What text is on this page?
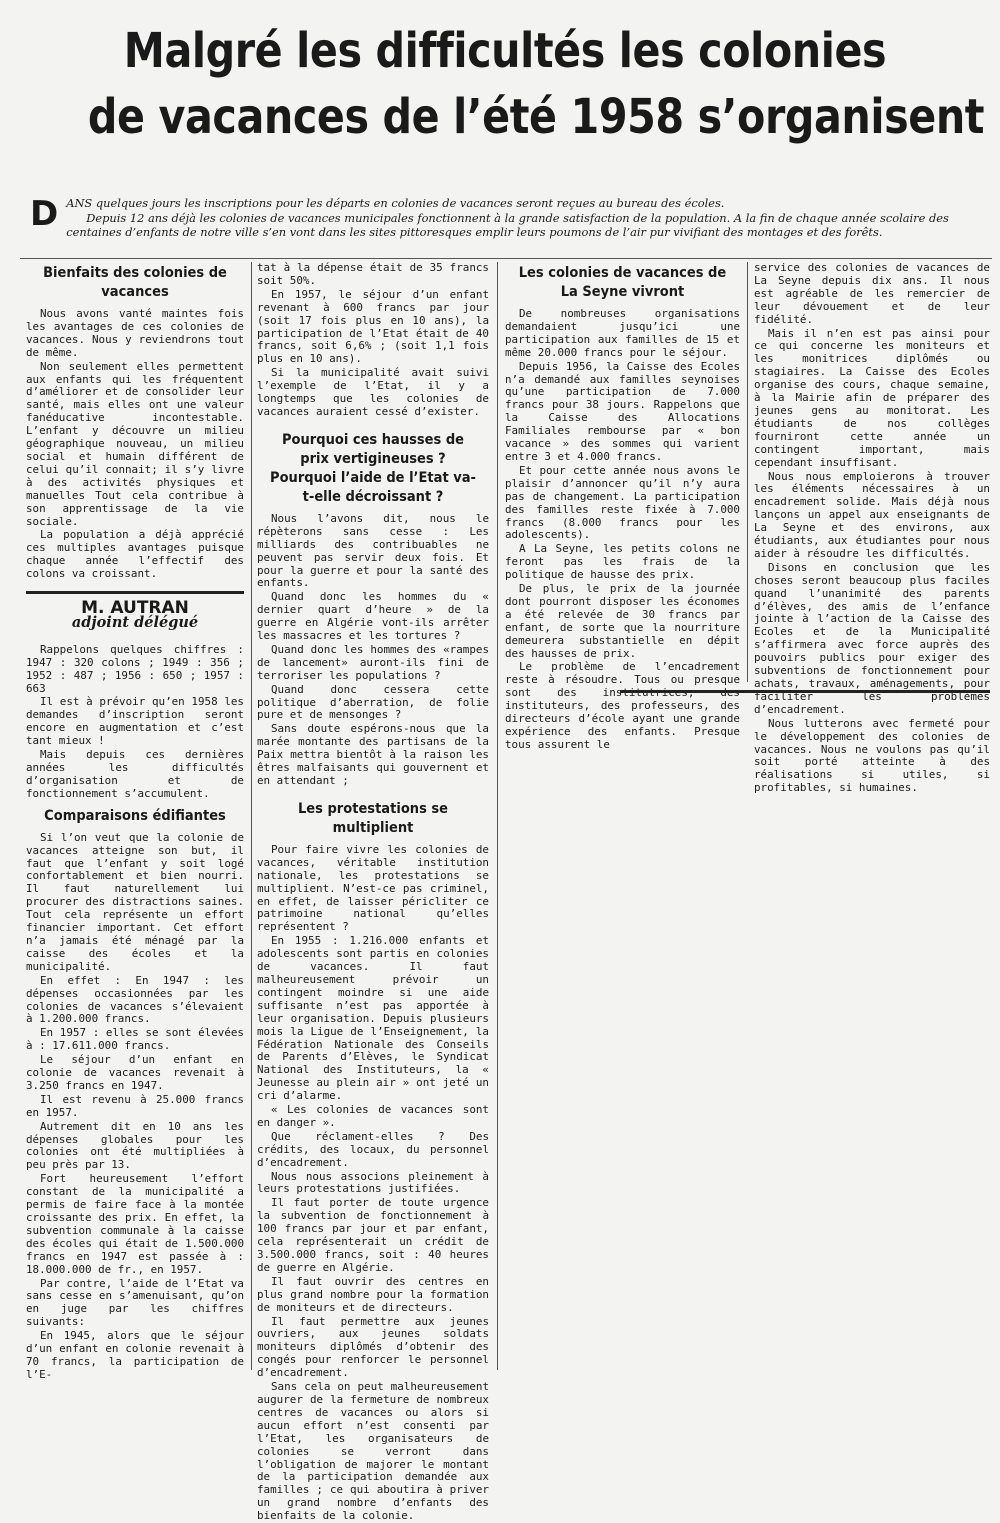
Malgré les difficultés les colonies
de vacances de l’été 1958 s’organisent
D ANS quelques jours les inscriptions pour les départs en colonies de vacances seront reçues au bureau des écoles.

Depuis 12 ans déjà les colonies de vacances municipales fonctionnent à la grande satisfaction de la population. A la fin de chaque année scolaire des centaines d’enfants de notre ville s’en vont dans les sites pittoresques emplir leurs poumons de l’air pur vivifiant des montages et des forêts.

Bienfaits des colonies de vacances

Nous avons vanté maintes fois les avantages de ces colonies de vacances. Nous y reviendrons tout de même.

Non seulement elles permettent aux enfants qui les fréquentent d’améliorer et de consolider leur santé, mais elles ont une valeur fanéducative incontestable. L’enfant y découvre un milieu géographique nouveau, un milieu social et humain différent de celui qu’il connait; il s’y livre à des activités physiques et manuelles Tout cela contribue à son apprentissage de la vie sociale.

La population a déjà apprécié ces multiples avantages puisque chaque année l’effectif des colons va croissant.

M. AUTRAN
adjoint délégué

Rappelons quelques chiffres : 1947 : 320 colons ; 1949 : 356 ; 1952 : 487 ; 1956 : 650 ; 1957 : 663

Il est à prévoir qu’en 1958 les demandes d’inscription seront encore en augmentation et c’est tant mieux !

Mais depuis ces dernières années les difficultés d’organisation et de fonctionnement s’accumulent.

Comparaisons édifiantes

Si l’on veut que la colonie de vacances atteigne son but, il faut que l’enfant y soit logé confortablement et bien nourri. Il faut naturellement lui procurer des distractions saines. Tout cela représente un effort financier important. Cet effort n’a jamais été ménagé par la caisse des écoles et la municipalité.

En effet : En 1947 : les dépenses occasionnées par les colonies de vacances s’élevaient à 1.200.000 francs.

En 1957 : elles se sont élevées à : 17.611.000 francs.

Le séjour d’un enfant en colonie de vacances revenait à 3.250 francs en 1947.

Il est revenu à 25.000 francs en 1957.

Autrement dit en 10 ans les dépenses globales pour les colonies ont été multipliées à peu près par 13.

Fort heureusement l’effort constant de la municipalité a permis de faire face à la montée croissante des prix. En effet, la subvention communale à la caisse des écoles qui était de 1.500.000 francs en 1947 est passée à : 18.000.000 de fr., en 1957.

Par contre, l’aide de l’Etat va sans cesse en s’amenuisant, qu’on en juge par les chiffres suivants:

En 1945, alors que le séjour d’un enfant en colonie revenait à 70 francs, la participation de l’E-

tat à la dépense était de 35 francs soit 50%.

En 1957, le séjour d’un enfant revenant à 600 francs par jour (soit 17 fois plus en 10 ans), la participation de l’Etat était de 40 francs, soit 6,6% ; (soit 1,1 fois plus en 10 ans).

Si la municipalité avait suivi l’exemple de l’Etat, il y a longtemps que les colonies de vacances auraient cessé d’exister.

Pourquoi ces hausses de prix vertigineuses ? Pourquoi l’aide de l’Etat va-t-elle décroissant ?

Nous l’avons dit, nous le répèterons sans cesse : Les milliards des contribuables ne peuvent pas servir deux fois. Et pour la guerre et pour la santé des enfants.

Quand donc les hommes du « dernier quart d’heure » de la guerre en Algérie vont-ils arrêter les massacres et les tortures ?

Quand donc les hommes des «rampes de lancement» auront-ils fini de terroriser les populations ?

Quand donc cessera cette politique d’aberration, de folie pure et de mensonges ?

Sans doute espérons-nous que la marée montante des partisans de la Paix mettra bientôt à la raison les êtres malfaisants qui gouvernent et en attendant ;

Les protestations se multiplient

Pour faire vivre les colonies de vacances, véritable institution nationale, les protestations se multiplient. N’est-ce pas criminel, en effet, de laisser péricliter ce patrimoine national qu’elles représentent ?

En 1955 : 1.216.000 enfants et adolescents sont partis en colonies de vacances. Il faut malheureusement prévoir un contingent moindre si une aide suffisante n’est pas apportée à leur organisation. Depuis plusieurs mois la Ligue de l’Enseignement, la Fédération Nationale des Conseils de Parents d’Elèves, le Syndicat National des Instituteurs, la « Jeunesse au plein air » ont jeté un cri d’alarme.

« Les colonies de vacances sont en danger ».

Que réclament-elles ? Des crédits, des locaux, du personnel d’encadrement.

Nous nous associons pleinement à leurs protestations justifiées.

Il faut porter de toute urgence la subvention de fonctionnement à 100 francs par jour et par enfant, cela représenterait un crédit de 3.500.000 francs, soit : 40 heures de guerre en Algérie.

Il faut ouvrir des centres en plus grand nombre pour la formation de moniteurs et de directeurs.

Il faut permettre aux jeunes ouvriers, aux jeunes soldats moniteurs diplômés d’obtenir des congés pour renforcer le personnel d’encadrement.

Sans cela on peut malheureusement augurer de la fermeture de nombreux centres de vacances ou alors si aucun effort n’est consenti par l’Etat, les organisateurs de colonies se verront dans l’obligation de majorer le montant de la participation demandée aux familles ; ce qui aboutira à priver un grand nombre d’enfants des bienfaits de la colonie.

Les colonies de vacances de La Seyne vivront

De nombreuses organisations demandaient jusqu’ici une participation aux familles de 15 et même 20.000 francs pour le séjour.

Depuis 1956, la Caisse des Ecoles n’a demandé aux familles seynoises qu’une participation de 7.000 francs pour 38 jours. Rappelons que la Caisse des Allocations Familiales rembourse par « bon vacance » des sommes qui varient entre 3 et 4.000 francs.

Et pour cette année nous avons le plaisir d’annoncer qu’il n’y aura pas de changement. La participation des familles reste fixée à 7.000 francs (8.000 francs pour les adolescents).

A La Seyne, les petits colons ne feront pas les frais de la politique de hausse des prix.

De plus, le prix de la journée dont pourront disposer les économes a été relevée de 30 francs par enfant, de sorte que la nourriture demeurera substantielle en dépit des hausses de prix.

Le problème de l’encadrement reste à résoudre. Tous ou presque sont des institutrices, des instituteurs, des professeurs, des directeurs d’école ayant une grande expérience des enfants. Presque tous assurent le

service des colonies de vacances de La Seyne depuis dix ans. Il nous est agréable de les remercier de leur dévouement et de leur fidélité.

Mais il n’en est pas ainsi pour ce qui concerne les moniteurs et les monitrices diplômés ou stagiaires. La Caisse des Ecoles organise des cours, chaque semaine, à la Mairie afin de préparer des jeunes gens au monitorat. Les étudiants de nos collèges fourniront cette année un contingent important, mais cependant insuffisant.

Nous nous emploierons à trouver les éléments nécessaires à un encadrement solide. Mais déjà nous lançons un appel aux enseignants de La Seyne et des environs, aux étudiants, aux étudiantes pour nous aider à résoudre les difficultés.

Disons en conclusion que les choses seront beaucoup plus faciles quand l’unanimité des parents d’élèves, des amis de l’enfance jointe à l’action de la Caisse des Ecoles et de la Municipalité s’affirmera avec force auprès des pouvoirs publics pour exiger des subventions de fonctionnement pour achats, travaux, aménagements, pour faciliter les problèmes d’encadrement.

Nous lutterons avec fermeté pour le développement des colonies de vacances. Nous ne voulons pas qu’il soit porté atteinte à des réalisations si utiles, si profitables, si humaines.
